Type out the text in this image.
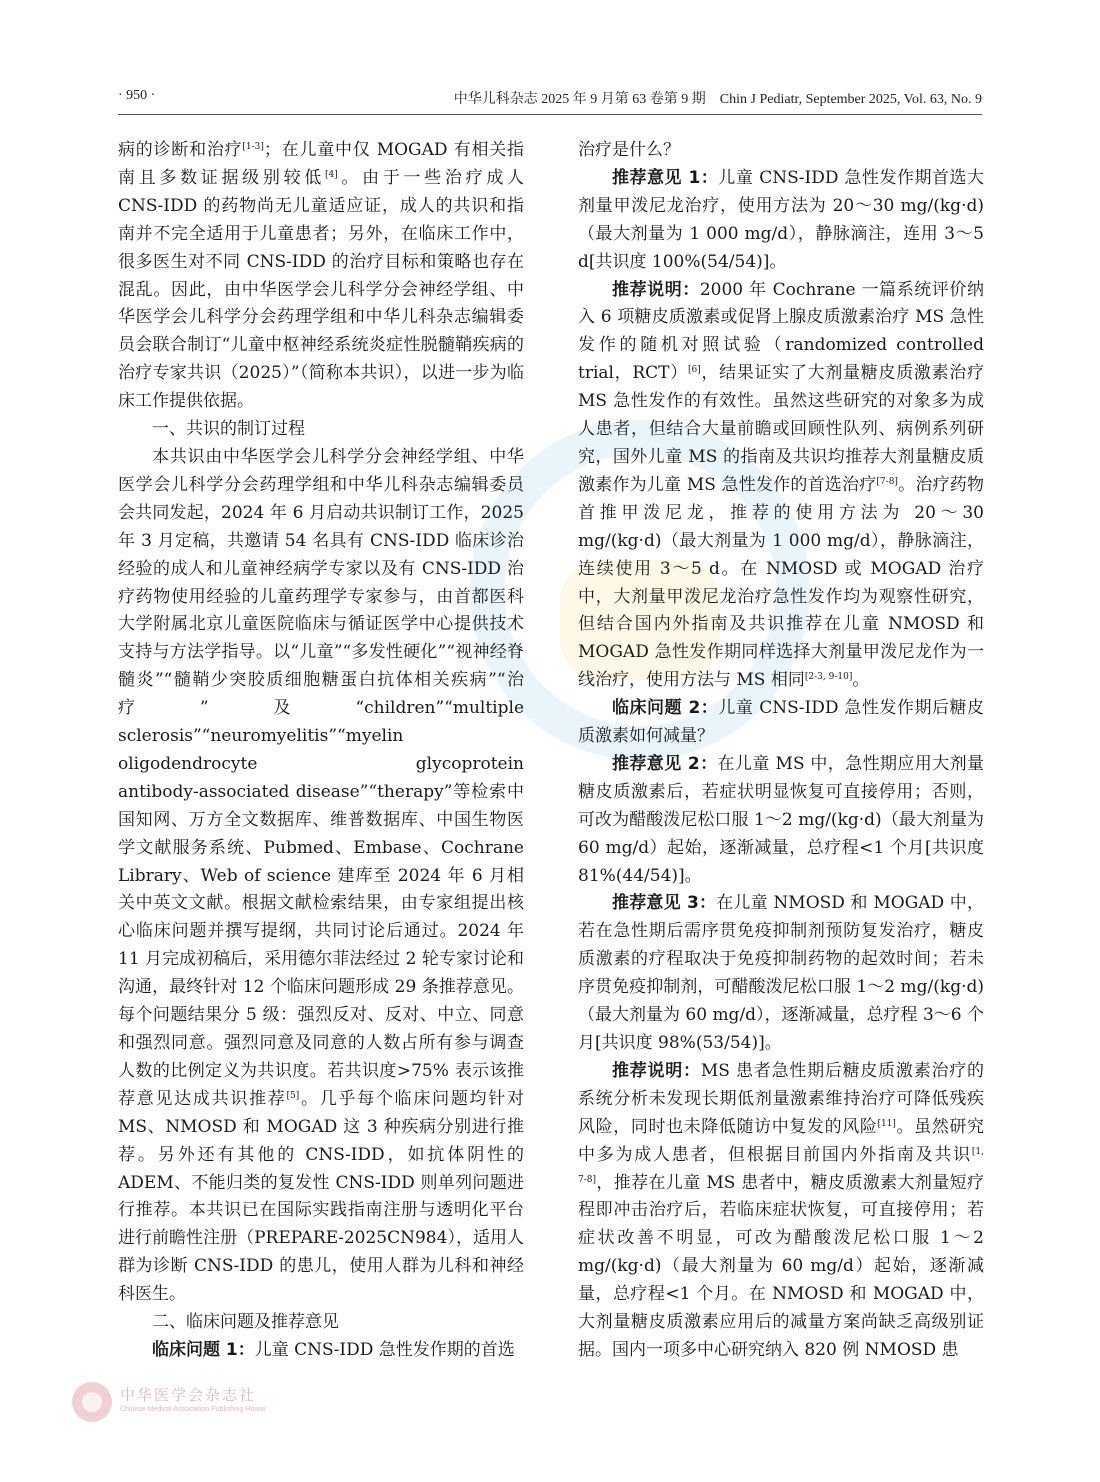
· 950 ·	中华儿科杂志 2025 年 9 月第 63 卷第 9 期　Chin J Pediatr, September 2025, Vol. 63, No. 9

病的诊断和治疗[1‑3]；在儿童中仅 MOGAD 有相关指南且多数证据级别较低[4]。由于一些治疗成人 CNS‑IDD 的药物尚无儿童适应证，成人的共识和指南并不完全适用于儿童患者；另外，在临床工作中，很多医生对不同 CNS‑IDD 的治疗目标和策略也存在混乱。因此，由中华医学会儿科学分会神经学组、中华医学会儿科学分会药理学组和中华儿科杂志编辑委员会联合制订“儿童中枢神经系统炎症性脱髓鞘疾病的治疗专家共识（2025）”（简称本共识），以进一步为临床工作提供依据。

一、共识的制订过程

本共识由中华医学会儿科学分会神经学组、中华医学会儿科学分会药理学组和中华儿科杂志编辑委员会共同发起，2024 年 6 月启动共识制订工作，2025 年 3 月定稿，共邀请 54 名具有 CNS‑IDD 临床诊治经验的成人和儿童神经病学专家以及有 CNS‑IDD 治疗药物使用经验的儿童药理学专家参与，由首都医科大学附属北京儿童医院临床与循证医学中心提供技术支持与方法学指导。以“儿童”“多发性硬化”“视神经脊髓炎”“髓鞘少突胶质细胞糖蛋白抗体相关疾病”“治疗”及“children”“multiple sclerosis”“neuromyelitis”“myelin oligodendrocyte glycoprotein antibody‑associated disease”“therapy”等检索中国知网、万方全文数据库、维普数据库、中国生物医学文献服务系统、Pubmed、Embase、Cochrane Library、Web of science 建库至 2024 年 6 月相关中英文文献。根据文献检索结果，由专家组提出核心临床问题并撰写提纲，共同讨论后通过。2024 年 11 月完成初稿后，采用德尔菲法经过 2 轮专家讨论和沟通，最终针对 12 个临床问题形成 29 条推荐意见。每个问题结果分 5 级：强烈反对、反对、中立、同意和强烈同意。强烈同意及同意的人数占所有参与调查人数的比例定义为共识度。若共识度>75% 表示该推荐意见达成共识推荐[5]。几乎每个临床问题均针对 MS、NMOSD 和 MOGAD 这 3 种疾病分别进行推荐。另外还有其他的 CNS‑IDD，如抗体阴性的 ADEM、不能归类的复发性 CNS‑IDD 则单列问题进行推荐。本共识已在国际实践指南注册与透明化平台进行前瞻性注册（PREPARE‑2025CN984），适用人群为诊断 CNS‑IDD 的患儿，使用人群为儿科和神经科医生。

二、临床问题及推荐意见

临床问题 1：儿童 CNS‑IDD 急性发作期的首选

治疗是什么？

推荐意见 1：儿童 CNS‑IDD 急性发作期首选大剂量甲泼尼龙治疗，使用方法为 20～30 mg/(kg·d)（最大剂量为 1 000 mg/d），静脉滴注，连用 3～5 d[共识度 100%(54/54)]。

推荐说明：2000 年 Cochrane 一篇系统评价纳入 6 项糖皮质激素或促肾上腺皮质激素治疗 MS 急性发作的随机对照试验（randomized controlled trial，RCT）[6]，结果证实了大剂量糖皮质激素治疗 MS 急性发作的有效性。虽然这些研究的对象多为成人患者，但结合大量前瞻或回顾性队列、病例系列研究，国外儿童 MS 的指南及共识均推荐大剂量糖皮质激素作为儿童 MS 急性发作的首选治疗[7‑8]。治疗药物首推甲泼尼龙，推荐的使用方法为 20～30 mg/(kg·d)（最大剂量为 1 000 mg/d），静脉滴注，连续使用 3～5 d。在 NMOSD 或 MOGAD 治疗中，大剂量甲泼尼龙治疗急性发作均为观察性研究，但结合国内外指南及共识推荐在儿童 NMOSD 和 MOGAD 急性发作期同样选择大剂量甲泼尼龙作为一线治疗，使用方法与 MS 相同[2‑3, 9‑10]。

临床问题 2：儿童 CNS‑IDD 急性发作期后糖皮质激素如何减量？

推荐意见 2：在儿童 MS 中，急性期应用大剂量糖皮质激素后，若症状明显恢复可直接停用；否则，可改为醋酸泼尼松口服 1～2 mg/(kg·d)（最大剂量为 60 mg/d）起始，逐渐减量，总疗程<1 个月[共识度 81%(44/54)]。

推荐意见 3：在儿童 NMOSD 和 MOGAD 中，若在急性期后需序贯免疫抑制剂预防复发治疗，糖皮质激素的疗程取决于免疫抑制药物的起效时间；若未序贯免疫抑制剂，可醋酸泼尼松口服 1～2 mg/(kg·d)（最大剂量为 60 mg/d），逐渐减量，总疗程 3～6 个月[共识度 98%(53/54)]。

推荐说明：MS 患者急性期后糖皮质激素治疗的系统分析未发现长期低剂量激素维持治疗可降低残疾风险，同时也未降低随访中复发的风险[11]。虽然研究中多为成人患者，但根据目前国内外指南及共识[1, 7‑8]，推荐在儿童 MS 患者中，糖皮质激素大剂量短疗程即冲击治疗后，若临床症状恢复，可直接停用；若症状改善不明显，可改为醋酸泼尼松口服 1～2 mg/(kg·d)（最大剂量为 60 mg/d）起始，逐渐减量，总疗程<1 个月。在 NMOSD 和 MOGAD 中，大剂量糖皮质激素应用后的减量方案尚缺乏高级别证据。国内一项多中心研究纳入 820 例 NMOSD 患

中华医学会杂志社
Chinese Medical Association Publishing House
